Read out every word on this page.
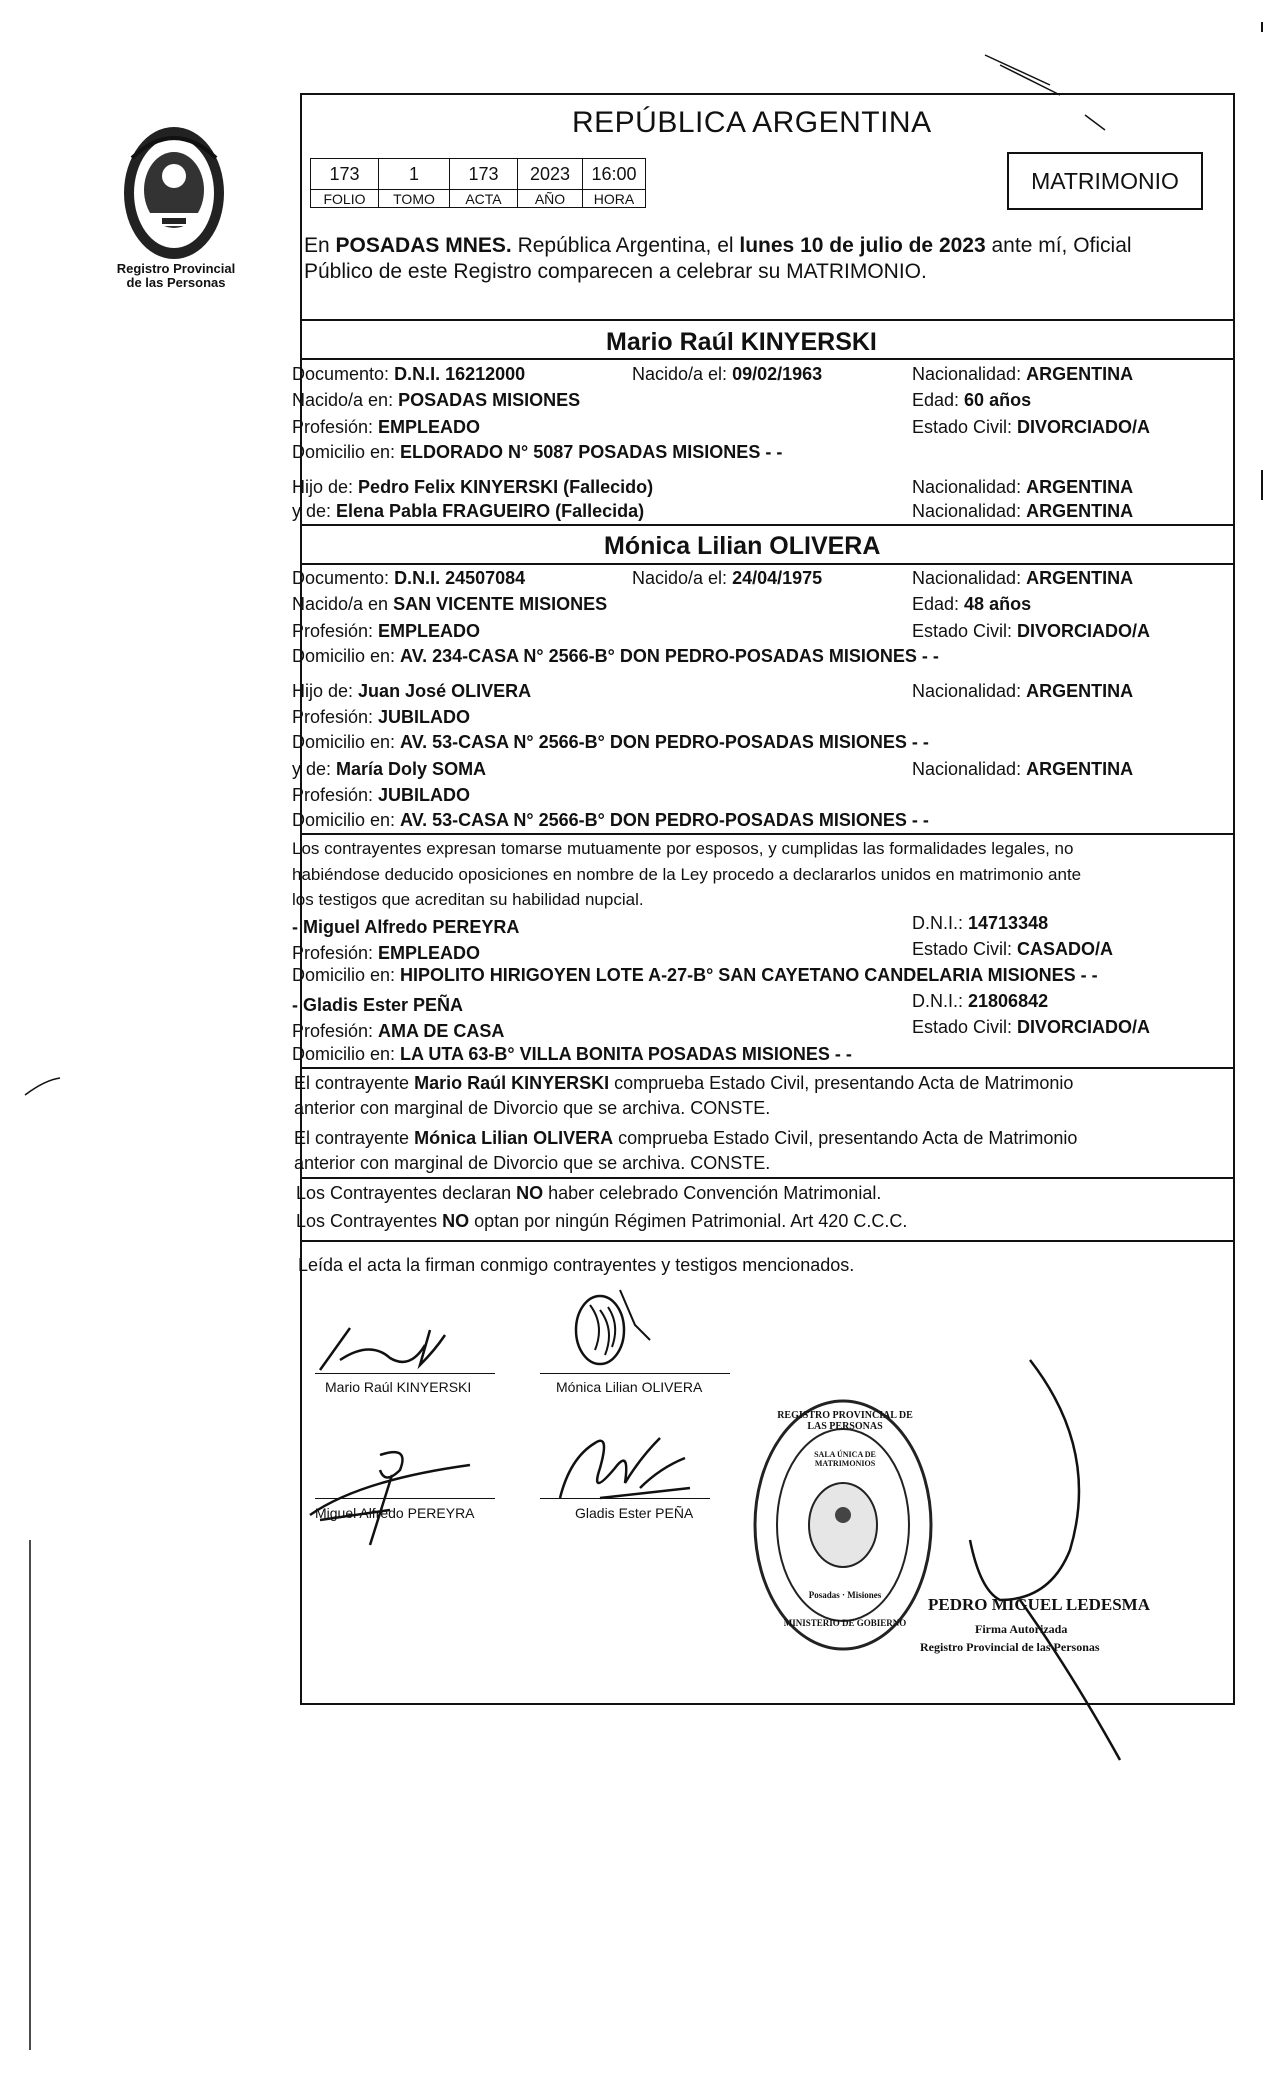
Registro Provincial
de las Personas
REPÚBLICA ARGENTINA
173	1	173	2023	16:00
FOLIO	TOMO	ACTA	AÑO	HORA
MATRIMONIO
En POSADAS MNES. República Argentina, el lunes 10 de julio de 2023 ante mí, Oficial
Público de este Registro comparecen a celebrar su MATRIMONIO.
Mario Raúl KINYERSKI
Documento: D.N.I. 16212000	Nacido/a el: 09/02/1963	Nacionalidad: ARGENTINA
Nacido/a en: POSADAS MISIONES	Edad: 60 años
Profesión: EMPLEADO	Estado Civil: DIVORCIADO/A
Domicilio en: ELDORADO N° 5087 POSADAS MISIONES - -
Hijo de: Pedro Felix KINYERSKI (Fallecido)	Nacionalidad: ARGENTINA
y de: Elena Pabla FRAGUEIRO (Fallecida)	Nacionalidad: ARGENTINA
Mónica Lilian OLIVERA
Documento: D.N.I. 24507084	Nacido/a el: 24/04/1975	Nacionalidad: ARGENTINA
Nacido/a en SAN VICENTE MISIONES	Edad: 48 años
Profesión: EMPLEADO	Estado Civil: DIVORCIADO/A
Domicilio en: AV. 234-CASA N° 2566-B° DON PEDRO-POSADAS MISIONES - -
Hijo de: Juan José OLIVERA	Nacionalidad: ARGENTINA
Profesión: JUBILADO
Domicilio en: AV. 53-CASA N° 2566-B° DON PEDRO-POSADAS MISIONES - -
y de: María Doly SOMA	Nacionalidad: ARGENTINA
Profesión: JUBILADO
Domicilio en: AV. 53-CASA N° 2566-B° DON PEDRO-POSADAS MISIONES - -
Los contrayentes expresan tomarse mutuamente por esposos, y cumplidas las formalidades legales, no
habiéndose deducido oposiciones en nombre de la Ley procedo a declararlos unidos en matrimonio ante
los testigos que acreditan su habilidad nupcial.
- Miguel Alfredo PEREYRA	D.N.I.: 14713348
Profesión: EMPLEADO	Estado Civil: CASADO/A
Domicilio en: HIPOLITO HIRIGOYEN LOTE A-27-B° SAN CAYETANO CANDELARIA MISIONES - -
- Gladis Ester PEÑA	D.N.I.: 21806842
Profesión: AMA DE CASA	Estado Civil: DIVORCIADO/A
Domicilio en: LA UTA 63-B° VILLA BONITA POSADAS MISIONES - -
El contrayente Mario Raúl KINYERSKI comprueba Estado Civil, presentando Acta de Matrimonio
anterior con marginal de Divorcio que se archiva. CONSTE.
El contrayente Mónica Lilian OLIVERA comprueba Estado Civil, presentando Acta de Matrimonio
anterior con marginal de Divorcio que se archiva. CONSTE.
Los Contrayentes declaran NO haber celebrado Convención Matrimonial.
Los Contrayentes NO optan por ningún Régimen Patrimonial. Art 420 C.C.C.
Leída el acta la firman conmigo contrayentes y testigos mencionados.
Mario Raúl KINYERSKI	Mónica Lilian OLIVERA
Miguel Alfredo PEREYRA	Gladis Ester PEÑA
REGISTRO PROVINCIAL DE LAS PERSONAS
SALA ÚNICA DE MATRIMONIOS
Posadas · Misiones
MINISTERIO DE GOBIERNO
PEDRO MIGUEL LEDESMA
Firma Autorizada
Registro Provincial de las Personas
